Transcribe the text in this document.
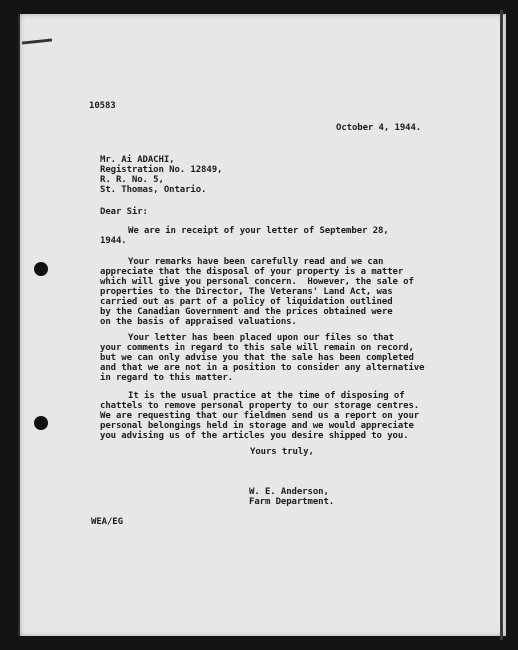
10583
October 4, 1944.
Mr. Ai ADACHI,
Registration No. 12849,
R. R. No. 5,
St. Thomas, Ontario.
Dear Sir:
We are in receipt of your letter of September 28,
1944.
Your remarks have been carefully read and we can
appreciate that the disposal of your property is a matter
which will give you personal concern.  However, the sale of
properties to the Director, The Veterans' Land Act, was
carried out as part of a policy of liquidation outlined
by the Canadian Government and the prices obtained were
on the basis of appraised valuations.
Your letter has been placed upon our files so that
your comments in regard to this sale will remain on record,
but we can only advise you that the sale has been completed
and that we are not in a position to consider any alternative
in regard to this matter.
It is the usual practice at the time of disposing of
chattels to remove personal property to our storage centres.
We are requesting that our fieldmen send us a report on your
personal belongings held in storage and we would appreciate
you advising us of the articles you desire shipped to you.
Yours truly,
W. E. Anderson,
Farm Department.
WEA/EG
